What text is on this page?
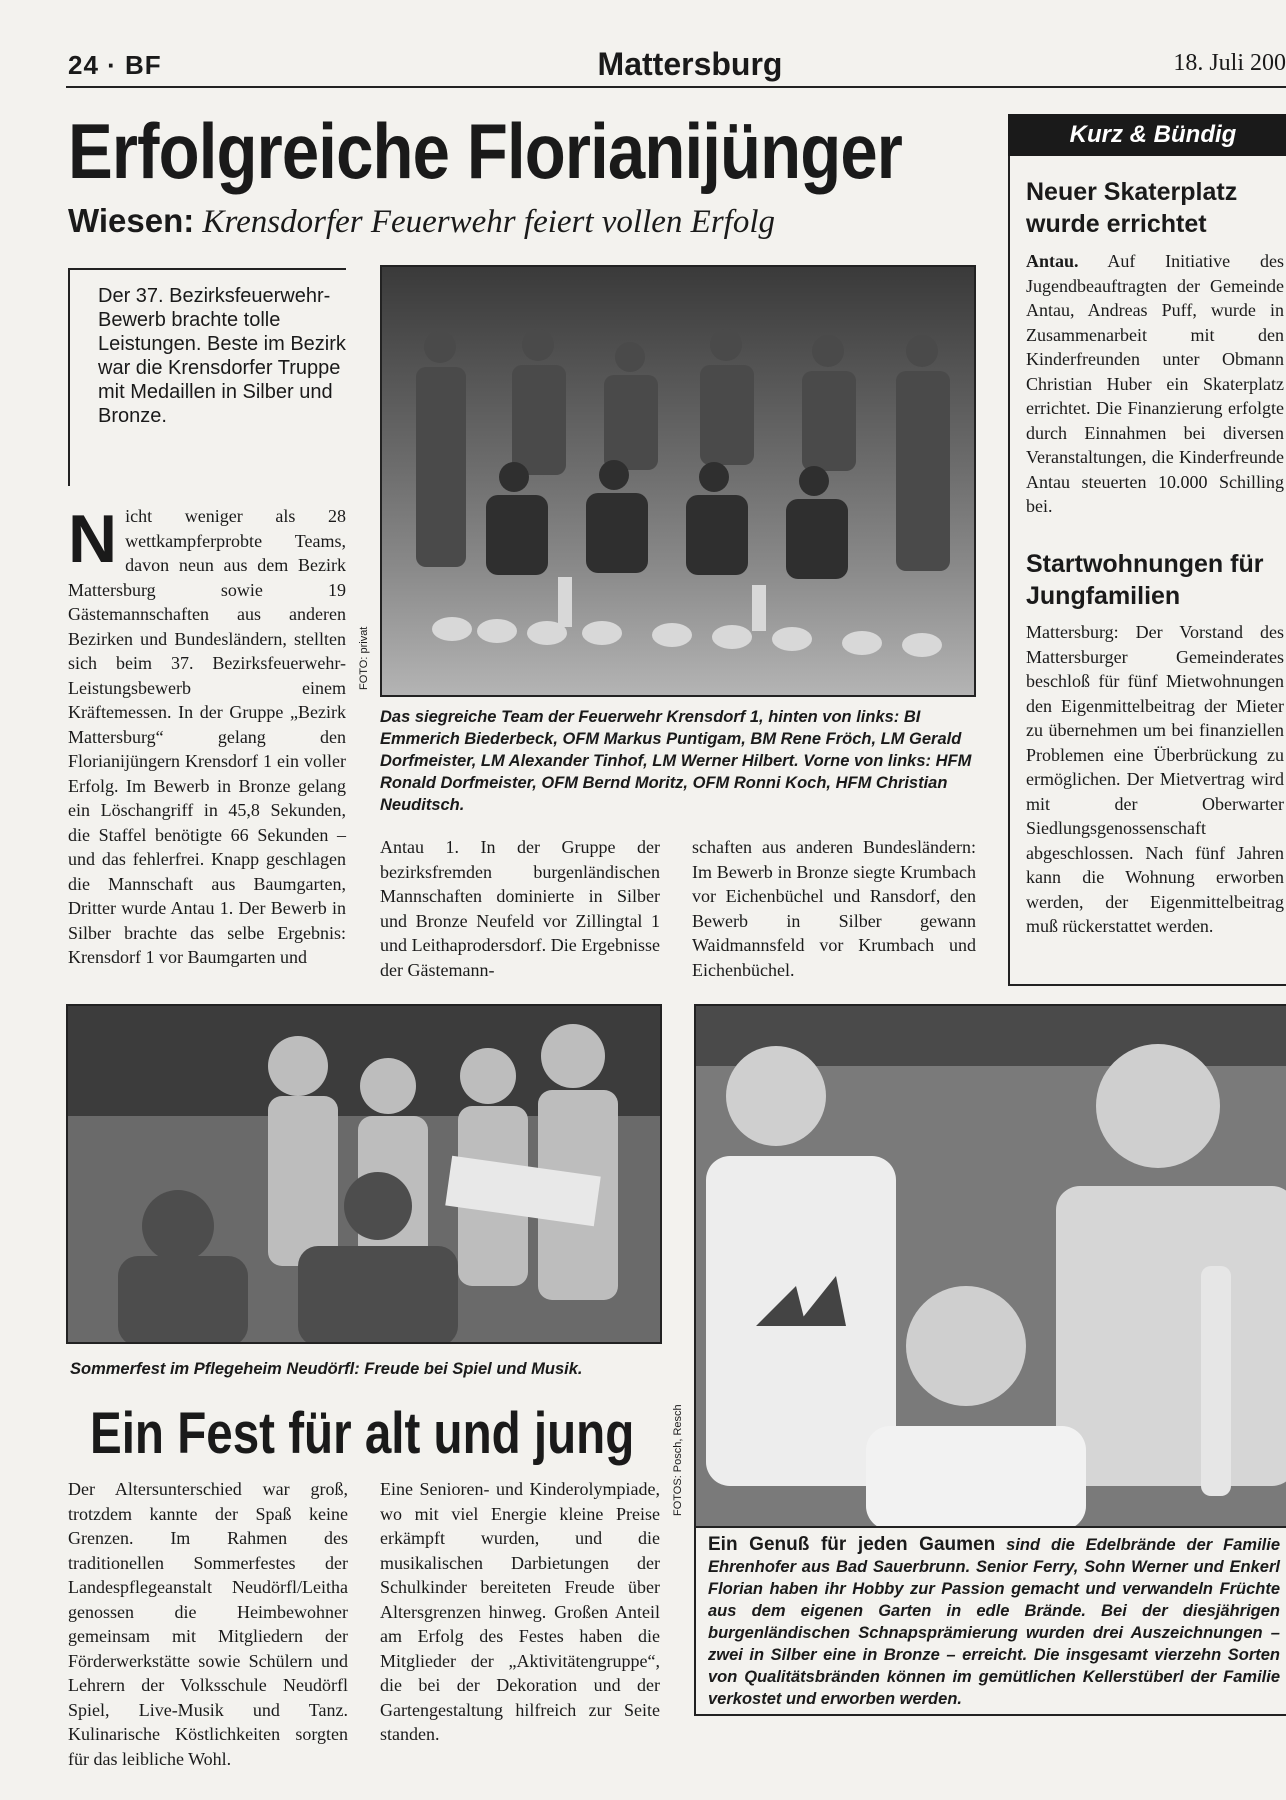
24 · BF	Mattersburg	18. Juli 200
Erfolgreiche Florianijünger
Wiesen: Krensdorfer Feuerwehr feiert vollen Erfolg

Der 37. Bezirksfeuerwehr-Bewerb brachte tolle Leistungen. Beste im Bezirk war die Krensdorfer Truppe mit Medaillen in Silber und Bronze.

N icht weniger als 28 wettkampferprobte Teams, davon neun aus dem Bezirk Mattersburg sowie 19 Gästemannschaften aus anderen Bezirken und Bundesländern, stellten sich beim 37. Bezirksfeuerwehr-Leistungsbewerb einem Kräftemessen. In der Gruppe „Bezirk Mattersburg“ gelang den Florianijüngern Krensdorf 1 ein voller Erfolg. Im Bewerb in Bronze gelang ein Löschangriff in 45,8 Sekunden, die Staffel benötigte 66 Sekunden – und das fehlerfrei. Knapp geschlagen die Mannschaft aus Baumgarten, Dritter wurde Antau 1. Der Bewerb in Silber brachte das selbe Ergebnis: Krensdorf 1 vor Baumgarten und

FOTO: privat
Das siegreiche Team der Feuerwehr Krensdorf 1, hinten von links: BI Emmerich Biederbeck, OFM Markus Puntigam, BM Rene Fröch, LM Gerald Dorfmeister, LM Alexander Tinhof, LM Werner Hilbert. Vorne von links: HFM Ronald Dorfmeister, OFM Bernd Moritz, OFM Ronni Koch, HFM Christian Neuditsch.

Antau 1. In der Gruppe der bezirksfremden burgenländischen Mannschaften dominierte in Silber und Bronze Neufeld vor Zillingtal 1 und Leithaprodersdorf. Die Ergebnisse der Gästemann-

schaften aus anderen Bundesländern: Im Bewerb in Bronze siegte Krumbach vor Eichenbüchel und Ransdorf, den Bewerb in Silber gewann Waidmannsfeld vor Krumbach und Eichenbüchel.

Kurz & Bündig
Neuer Skaterplatz wurde errichtet
Antau. Auf Initiative des Jugendbeauftragten der Gemeinde Antau, Andreas Puff, wurde in Zusammenarbeit mit den Kinderfreunden unter Obmann Christian Huber ein Skaterplatz errichtet. Die Finanzierung erfolgte durch Einnahmen bei diversen Veranstaltungen, die Kinderfreunde Antau steuerten 10.000 Schilling bei.
Startwohnungen für Jungfamilien
Mattersburg: Der Vorstand des Mattersburger Gemeinderates beschloß für fünf Mietwohnungen den Eigenmittelbeitrag der Mieter zu übernehmen um bei finanziellen Problemen eine Überbrückung zu ermöglichen. Der Mietvertrag wird mit der Oberwarter Siedlungsgenossenschaft abgeschlossen. Nach fünf Jahren kann die Wohnung erworben werden, der Eigenmittelbeitrag muß rückerstattet werden.
Sommerfest im Pflegeheim Neudörfl: Freude bei Spiel und Musik.
Ein Fest für alt und jung	FOTOS: Posch, Resch

Der Altersunterschied war groß, trotzdem kannte der Spaß keine Grenzen. Im Rahmen des traditionellen Sommerfestes der Landespflegeanstalt Neudörfl/Leitha genossen die Heimbewohner gemeinsam mit Mitgliedern der Förderwerkstätte sowie Schülern und Lehrern der Volksschule Neudörfl Spiel, Live-Musik und Tanz. Kulinarische Köstlichkeiten sorgten für das leibliche Wohl.

Eine Senioren- und Kinderolympiade, wo mit viel Energie kleine Preise erkämpft wurden, und die musikalischen Darbietungen der Schulkinder bereiteten Freude über Altersgrenzen hinweg. Großen Anteil am Erfolg des Festes haben die Mitglieder der „Aktivitätengruppe“, die bei der Dekoration und der Gartengestaltung hilfreich zur Seite standen.

Ein Genuß für jeden Gaumen sind die Edelbrände der Familie Ehrenhofer aus Bad Sauerbrunn. Senior Ferry, Sohn Werner und Enkerl Florian haben ihr Hobby zur Passion gemacht und verwandeln Früchte aus dem eigenen Garten in edle Brände. Bei der diesjährigen burgenländischen Schnapsprämierung wurden drei Auszeichnungen – zwei in Silber eine in Bronze – erreicht. Die insgesamt vierzehn Sorten von Qualitätsbränden können im gemütlichen Kellerstüberl der Familie verkostet und erworben werden.
